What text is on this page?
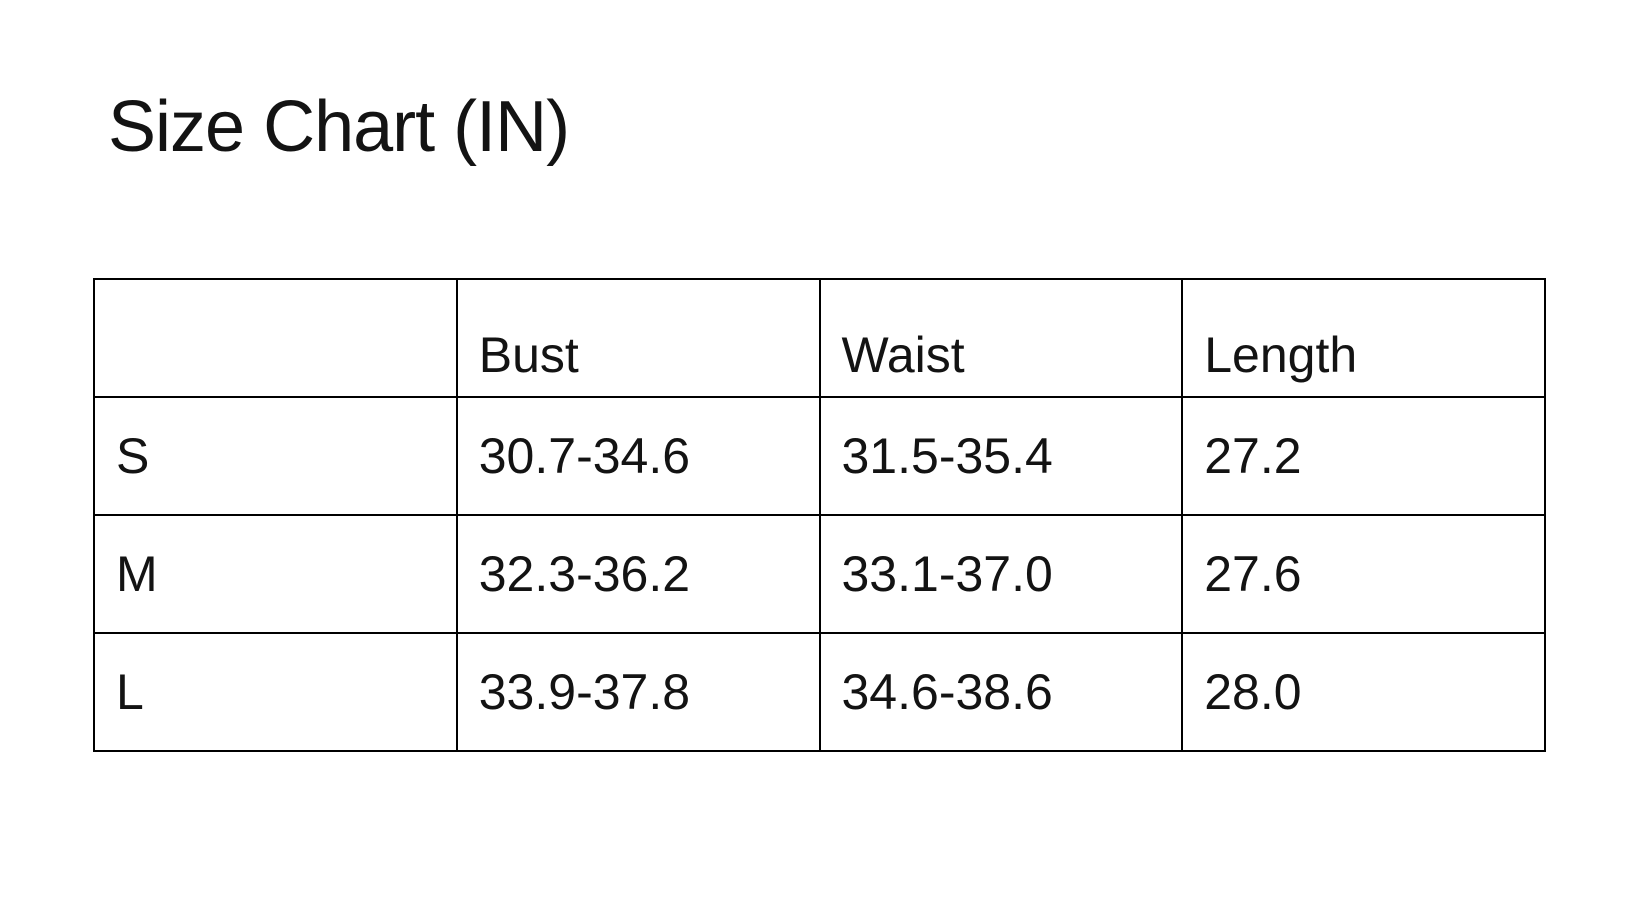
Size Chart (IN)
	Bust	Waist	Length
S	30.7-34.6	31.5-35.4	27.2
M	32.3-36.2	33.1-37.0	27.6
L	33.9-37.8	34.6-38.6	28.0
